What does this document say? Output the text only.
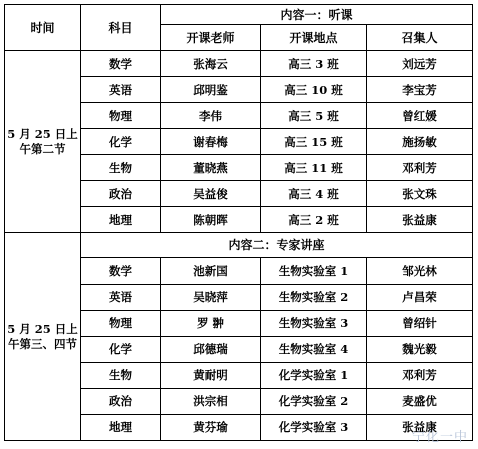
时间	科目	内容一：听课		
		开课老师	开课地点	召集人
5 月 25 日上午第二节	数学	张海云	高三 3 班	刘远芳
	英语	邱明鉴	高三 10 班	李宝芳
	物理	李伟	高三 5 班	曾红媛
	化学	谢春梅	高三 15 班	施扬敏
	生物	董晓燕	高三 11 班	邓利芳
	政治	吴益俊	高三 4 班	张文珠
	地理	陈朝晖	高三 2 班	张益康
5 月 25 日上午第三、四节	内容二：专家讲座			
	数学	池新国	生物实验室 1	邹光林
	英语	吴晓萍	生物实验室 2	卢昌荣
	物理	罗 翀	生物实验室 3	曾绍针
	化学	邱德瑞	生物实验室 4	魏光毅
	生物	黄耐明	化学实验室 1	邓利芳
	政治	洪宗相	化学实验室 2	麦盛优
	地理	黄芬瑜	化学实验室 3	张益康
宁化一中
